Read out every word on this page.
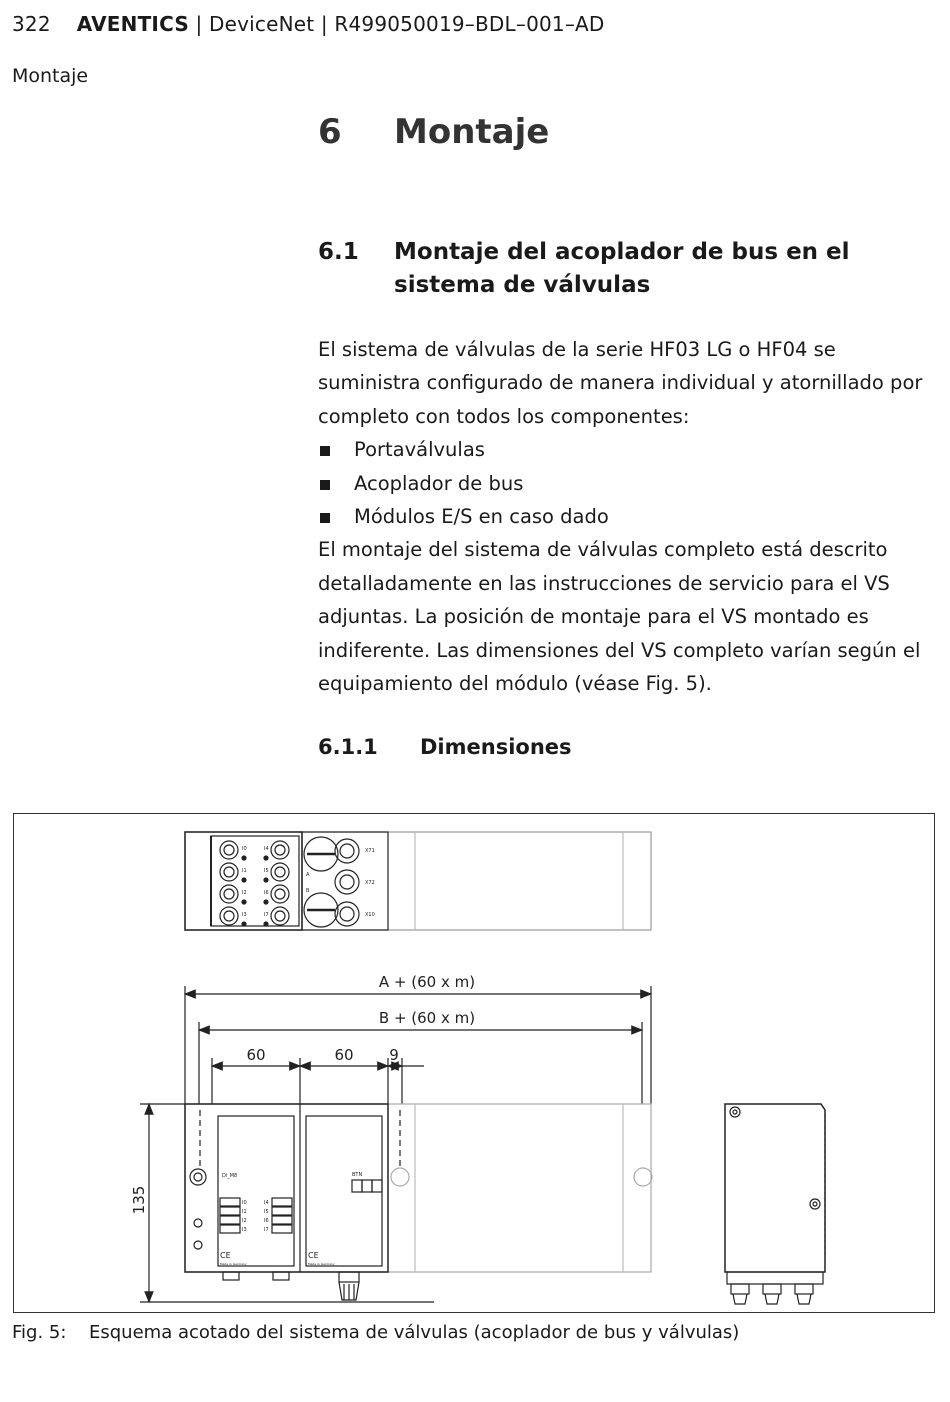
322 AVENTICS | DeviceNet | R499050019–BDL–001–AD
Montaje
6 Montaje
6.1 Montaje del acoplador de bus en el sistema de válvulas

El sistema de válvulas de la serie HF03 LG o HF04 se suministra configurado de manera individual y atornillado por completo con todos los componentes:

Portaválvulas
Acoplador de bus
Módulos E/S en caso dado

El montaje del sistema de válvulas completo está descrito detalladamente en las instrucciones de servicio para el VS adjuntas. La posición de montaje para el VS montado es indiferente. Las dimensiones del VS completo varían según el equipamiento del módulo (véase Fig. 5).

6.1.1 Dimensiones
I0
I1
I2
I3
I4
I5
I6
I7
X71
X72
X10
A
B
A + (60 x m)
B + (60 x m)
60	60 9
135
Di_M8
I0
I1
I2
I3
I4
I5
I6
I7
BTN
CE	CE
Made in Germany	Made in Germany
Fig. 5: Esquema acotado del sistema de válvulas (acoplador de bus y válvulas)
